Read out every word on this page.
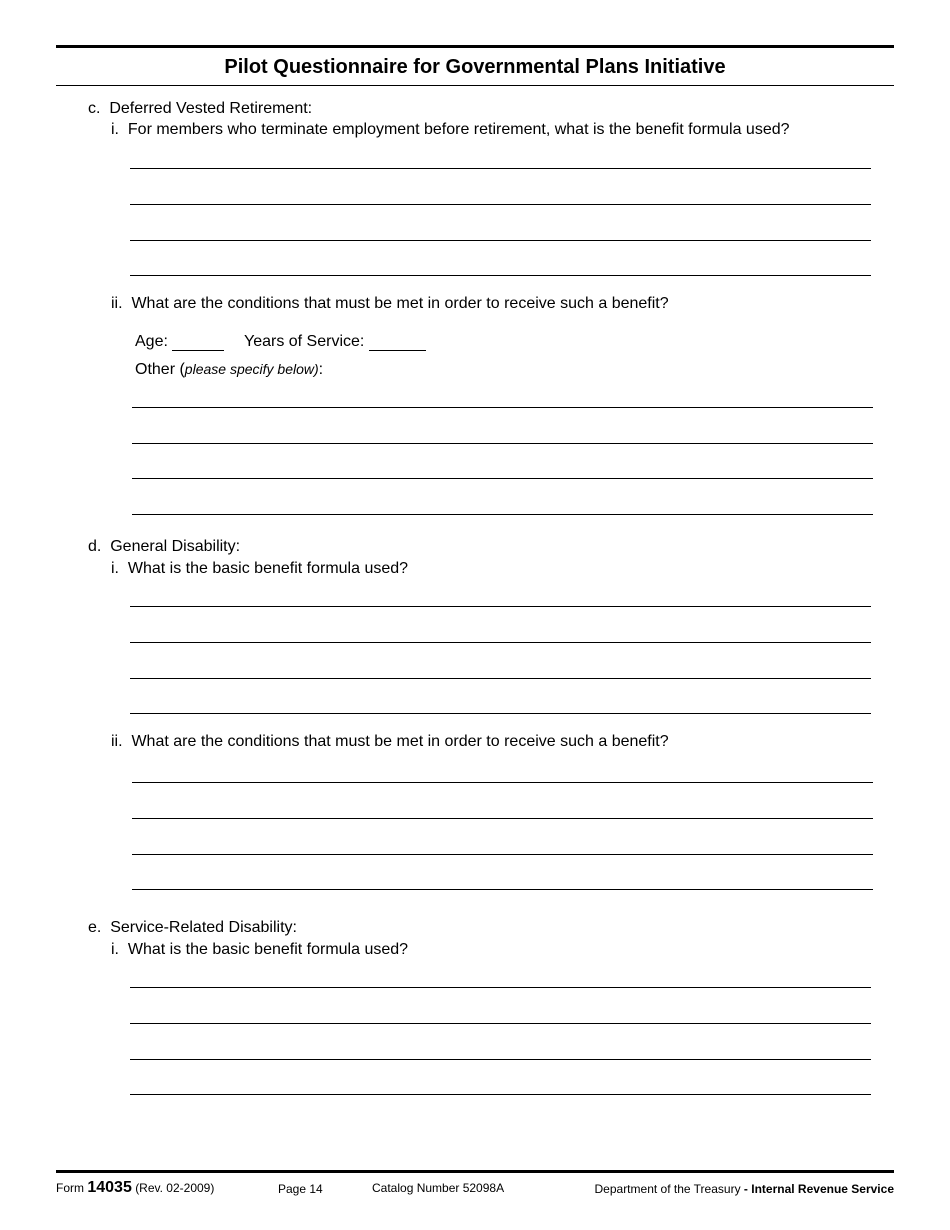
Pilot Questionnaire for Governmental Plans Initiative
c. Deferred Vested Retirement:
i. For members who terminate employment before retirement, what is the benefit formula used?
ii. What are the conditions that must be met in order to receive such a benefit?
Age:	Years of Service:
Other (please specify below):
d. General Disability:
i. What is the basic benefit formula used?
ii. What are the conditions that must be met in order to receive such a benefit?
e. Service-Related Disability:
i. What is the basic benefit formula used?
Form 14035 (Rev. 02-2009)	Page 14	Catalog Number 52098A	Department of the Treasury - Internal Revenue Service
